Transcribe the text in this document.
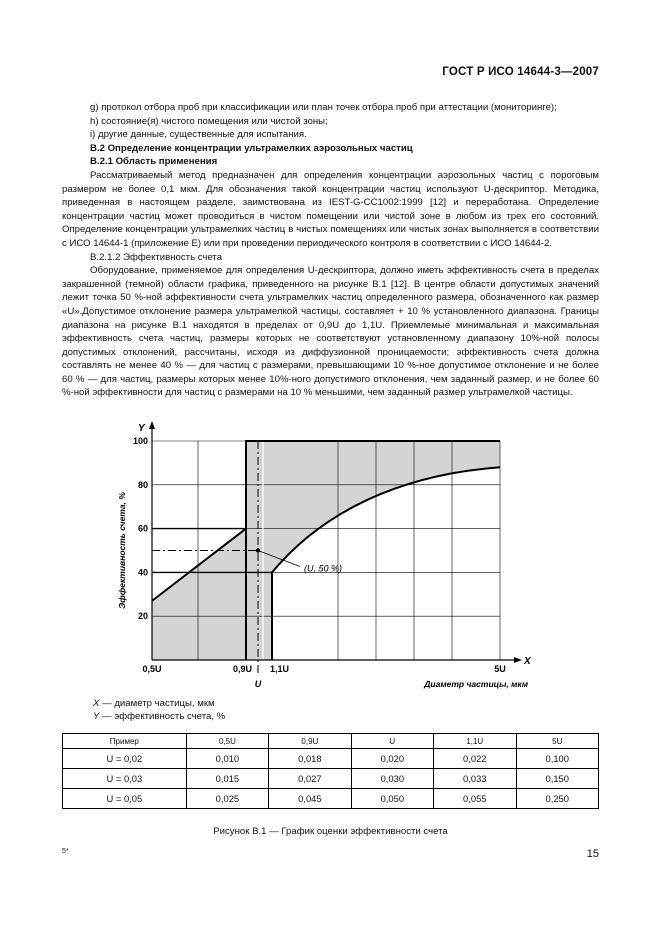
ГОСТ Р ИСО 14644-3—2007

g) протокол отбора проб при классификации или план точек отбора проб при аттестации (мониторинге);

h) состояние(я) чистого помещения или чистой зоны;

i) другие данные, существенные для испытания.

B.2 Определение концентрации ультрамелких аэрозольных частиц

B.2.1 Область применения

Рассматриваемый метод предназначен для определения концентрации аэрозольных частиц с пороговым размером не более 0,1 мкм. Для обозначения такой концентрации частиц используют U-дескриптор. Методика, приведенная в настоящем разделе, заимствована из IEST-G-CC1002:1999 [12] и переработана. Определение концентрации частиц может проводиться в чистом помещении или чистой зоне в любом из трех его состояний. Определение концентрации ультрамелких частиц в чистых помещениях или чистых зонах выполняется в соответствии с ИСО 14644-1 (приложение Е) или при проведении периодического контроля в соответствии с ИСО 14644-2.

B.2.1.2 Эффективность счета

Оборудование, применяемое для определения U-дескриптора, должно иметь эффективность счета в пределах закрашенной (темной) области графика, приведенного на рисунке В.1 [12]. В центре области допустимых значений лежит точка 50 %-ной эффективности счета ультрамелких частиц определенного размера, обозначенного как размер «U».Допустимое отклонение размера ультрамелкой частицы, составляет + 10 % установленного диапазона. Границы диапазона на рисунке В.1 находятся в пределах от 0,9U до 1,1U. Приемлемые минимальная и максимальная эффективность счета частиц, размеры которых не соответствуют установленному диапазону 10%-ной полосы допустимых отклонений, рассчитаны, исходя из диффузионной проницаемости; эффективность счета должна составлять не менее 40 % — для частиц с размерами, превышающими 10 %-ное допустимое отклонение и не более 60 % — для частиц, размеры которых менее 10%-ного допустимого отклонения, чем заданный размер, и не более 60 %-ной эффективности для частиц с размерами на 10 % меньшими, чем заданный размер ультрамелкой частицы.

(U, 50 %)
20
40
60
80
100
0,5U	0,9U 1,1U	5U
U
Y
X
Диаметр частицы, мкм
Эффективность счета, %
X — диаметр частицы, мкм
Y — эффективность счета, %
Пример	0,5U	0,9U	U	1,1U	5U
U = 0,02	0,010	0,018	0,020	0,022	0,100
U = 0,03	0,015	0,027	0,030	0,033	0,150
U = 0,05	0,025	0,045	0,050	0,055	0,250
Рисунок В.1 — График оценки эффективности счета
5*	15
